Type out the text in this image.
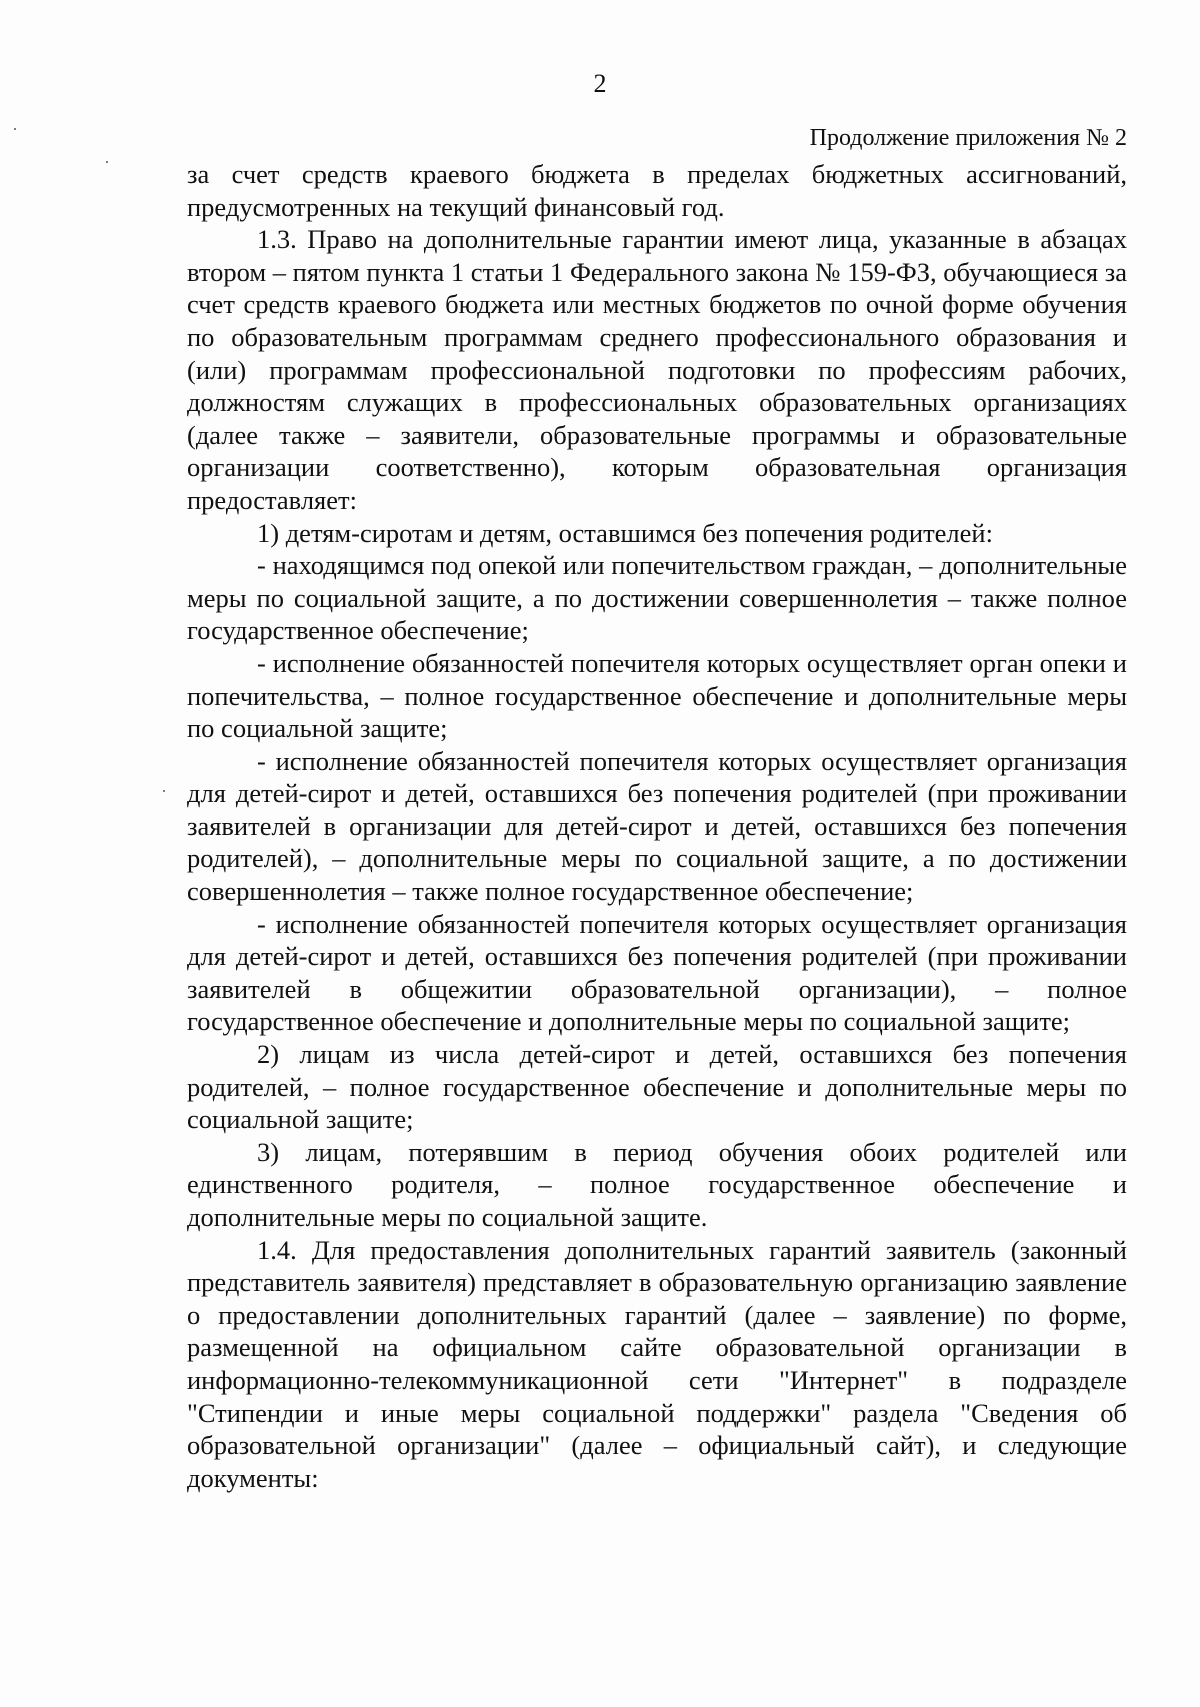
2
Продолжение приложения № 2

за счет средств краевого бюджета в пределах бюджетных ассигнований, предусмотренных на текущий финансовый год.

1.3. Право на дополнительные гарантии имеют лица, указанные в абзацах втором – пятом пункта 1 статьи 1 Федерального закона № 159-ФЗ, обучающиеся за счет средств краевого бюджета или местных бюджетов по очной форме обучения по образовательным программам среднего профессионального образования и (или) программам профессиональной подготовки по профессиям рабочих, должностям служащих в профессиональных образовательных организациях (далее также – заявители, образовательные программы и образовательные организации соответственно), которым образовательная организация предоставляет:

1) детям-сиротам и детям, оставшимся без попечения родителей:

- находящимся под опекой или попечительством граждан, – дополнительные меры по социальной защите, а по достижении совершеннолетия – также полное государственное обеспечение;

- исполнение обязанностей попечителя которых осуществляет орган опеки и попечительства, – полное государственное обеспечение и дополнительные меры по социальной защите;

- исполнение обязанностей попечителя которых осуществляет организация для детей-сирот и детей, оставшихся без попечения родителей (при проживании заявителей в организации для детей-сирот и детей, оставшихся без попечения родителей), – дополнительные меры по социальной защите, а по достижении совершеннолетия – также полное государственное обеспечение;

- исполнение обязанностей попечителя которых осуществляет организация для детей-сирот и детей, оставшихся без попечения родителей (при проживании заявителей в общежитии образовательной организации), – полное государственное обеспечение и дополнительные меры по социальной защите;

2) лицам из числа детей-сирот и детей, оставшихся без попечения родителей, – полное государственное обеспечение и дополнительные меры по социальной защите;

3) лицам, потерявшим в период обучения обоих родителей или единственного родителя, – полное государственное обеспечение и дополнительные меры по социальной защите.

1.4. Для предоставления дополнительных гарантий заявитель (законный представитель заявителя) представляет в образовательную организацию заявление о предоставлении дополнительных гарантий (далее – заявление) по форме, размещенной на официальном сайте образовательной организации в информационно-телекоммуникационной сети "Интернет" в подразделе "Стипендии и иные меры социальной поддержки" раздела "Сведения об образовательной организации" (далее – официальный сайт), и следующие документы:
